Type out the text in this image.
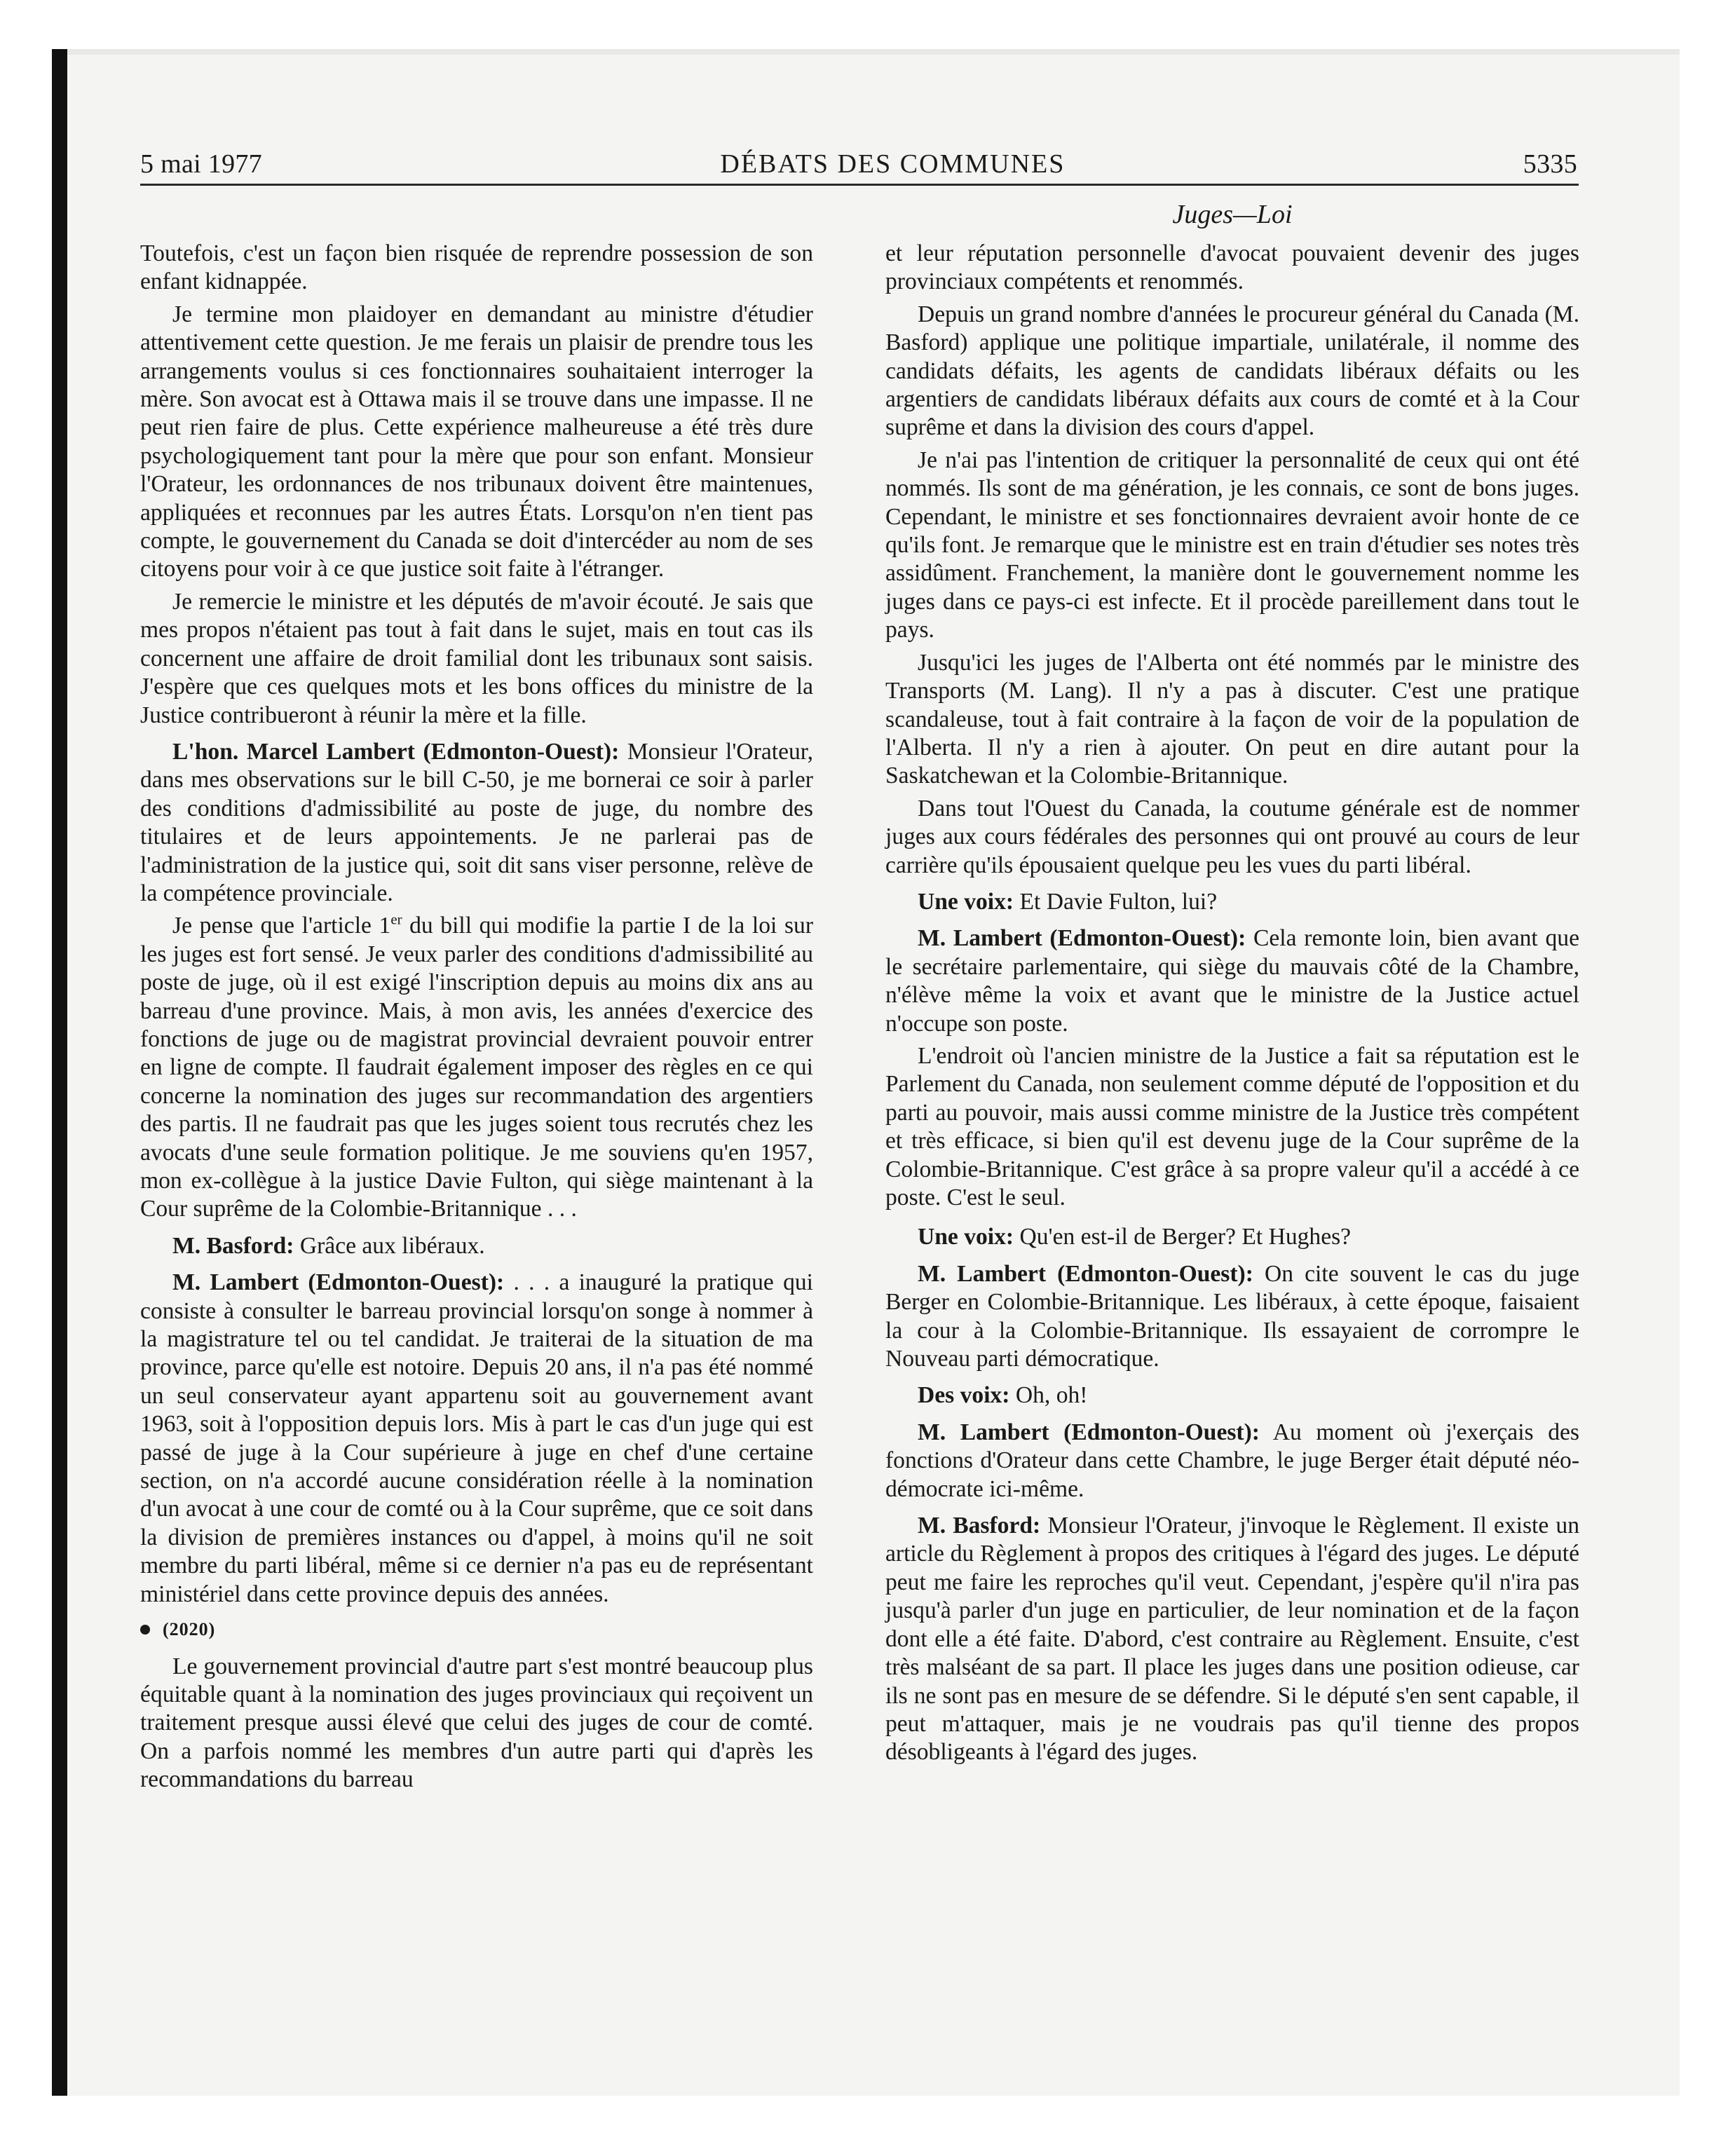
5 mai 1977	DÉBATS DES COMMUNES	5335
Juges—Loi

Toutefois, c'est un façon bien risquée de reprendre possession de son enfant kidnappée.

Je termine mon plaidoyer en demandant au ministre d'étudier attentivement cette question. Je me ferais un plaisir de prendre tous les arrangements voulus si ces fonctionnaires souhaitaient interroger la mère. Son avocat est à Ottawa mais il se trouve dans une impasse. Il ne peut rien faire de plus. Cette expérience malheureuse a été très dure psychologiquement tant pour la mère que pour son enfant. Monsieur l'Orateur, les ordonnances de nos tribunaux doivent être maintenues, appliquées et reconnues par les autres États. Lorsqu'on n'en tient pas compte, le gouvernement du Canada se doit d'intercéder au nom de ses citoyens pour voir à ce que justice soit faite à l'étranger.

Je remercie le ministre et les députés de m'avoir écouté. Je sais que mes propos n'étaient pas tout à fait dans le sujet, mais en tout cas ils concernent une affaire de droit familial dont les tribunaux sont saisis. J'espère que ces quelques mots et les bons offices du ministre de la Justice contribueront à réunir la mère et la fille.

L'hon. Marcel Lambert (Edmonton-Ouest): Monsieur l'Orateur, dans mes observations sur le bill C-50, je me bornerai ce soir à parler des conditions d'admissibilité au poste de juge, du nombre des titulaires et de leurs appointements. Je ne parlerai pas de l'administration de la justice qui, soit dit sans viser personne, relève de la compétence provinciale.

Je pense que l'article 1er du bill qui modifie la partie I de la loi sur les juges est fort sensé. Je veux parler des conditions d'admissibilité au poste de juge, où il est exigé l'inscription depuis au moins dix ans au barreau d'une province. Mais, à mon avis, les années d'exercice des fonctions de juge ou de magistrat provincial devraient pouvoir entrer en ligne de compte. Il faudrait également imposer des règles en ce qui concerne la nomination des juges sur recommandation des argentiers des partis. Il ne faudrait pas que les juges soient tous recrutés chez les avocats d'une seule formation politique. Je me souviens qu'en 1957, mon ex-collègue à la justice Davie Fulton, qui siège maintenant à la Cour suprême de la Colombie-Britannique . . .

M. Basford: Grâce aux libéraux.

M. Lambert (Edmonton-Ouest): . . . a inauguré la pratique qui consiste à consulter le barreau provincial lorsqu'on songe à nommer à la magistrature tel ou tel candidat. Je traiterai de la situation de ma province, parce qu'elle est notoire. Depuis 20 ans, il n'a pas été nommé un seul conservateur ayant appartenu soit au gouvernement avant 1963, soit à l'opposition depuis lors. Mis à part le cas d'un juge qui est passé de juge à la Cour supérieure à juge en chef d'une certaine section, on n'a accordé aucune considération réelle à la nomination d'un avocat à une cour de comté ou à la Cour suprême, que ce soit dans la division de premières instances ou d'appel, à moins qu'il ne soit membre du parti libéral, même si ce dernier n'a pas eu de représentant ministériel dans cette province depuis des années.

(2020)

Le gouvernement provincial d'autre part s'est montré beaucoup plus équitable quant à la nomination des juges provinciaux qui reçoivent un traitement presque aussi élevé que celui des juges de cour de comté. On a parfois nommé les membres d'un autre parti qui d'après les recommandations du barreau

et leur réputation personnelle d'avocat pouvaient devenir des juges provinciaux compétents et renommés.

Depuis un grand nombre d'années le procureur général du Canada (M. Basford) applique une politique impartiale, unilatérale, il nomme des candidats défaits, les agents de candidats libéraux défaits ou les argentiers de candidats libéraux défaits aux cours de comté et à la Cour suprême et dans la division des cours d'appel.

Je n'ai pas l'intention de critiquer la personnalité de ceux qui ont été nommés. Ils sont de ma génération, je les connais, ce sont de bons juges. Cependant, le ministre et ses fonctionnaires devraient avoir honte de ce qu'ils font. Je remarque que le ministre est en train d'étudier ses notes très assidûment. Franchement, la manière dont le gouvernement nomme les juges dans ce pays-ci est infecte. Et il procède pareillement dans tout le pays.

Jusqu'ici les juges de l'Alberta ont été nommés par le ministre des Transports (M. Lang). Il n'y a pas à discuter. C'est une pratique scandaleuse, tout à fait contraire à la façon de voir de la population de l'Alberta. Il n'y a rien à ajouter. On peut en dire autant pour la Saskatchewan et la Colombie-Britannique.

Dans tout l'Ouest du Canada, la coutume générale est de nommer juges aux cours fédérales des personnes qui ont prouvé au cours de leur carrière qu'ils épousaient quelque peu les vues du parti libéral.

Une voix: Et Davie Fulton, lui?

M. Lambert (Edmonton-Ouest): Cela remonte loin, bien avant que le secrétaire parlementaire, qui siège du mauvais côté de la Chambre, n'élève même la voix et avant que le ministre de la Justice actuel n'occupe son poste.

L'endroit où l'ancien ministre de la Justice a fait sa réputation est le Parlement du Canada, non seulement comme député de l'opposition et du parti au pouvoir, mais aussi comme ministre de la Justice très compétent et très efficace, si bien qu'il est devenu juge de la Cour suprême de la Colombie-Britannique. C'est grâce à sa propre valeur qu'il a accédé à ce poste. C'est le seul.

Une voix: Qu'en est-il de Berger? Et Hughes?

M. Lambert (Edmonton-Ouest): On cite souvent le cas du juge Berger en Colombie-Britannique. Les libéraux, à cette époque, faisaient la cour à la Colombie-Britannique. Ils essayaient de corrompre le Nouveau parti démocratique.

Des voix: Oh, oh!

M. Lambert (Edmonton-Ouest): Au moment où j'exerçais des fonctions d'Orateur dans cette Chambre, le juge Berger était député néo-démocrate ici-même.

M. Basford: Monsieur l'Orateur, j'invoque le Règlement. Il existe un article du Règlement à propos des critiques à l'égard des juges. Le député peut me faire les reproches qu'il veut. Cependant, j'espère qu'il n'ira pas jusqu'à parler d'un juge en particulier, de leur nomination et de la façon dont elle a été faite. D'abord, c'est contraire au Règlement. Ensuite, c'est très malséant de sa part. Il place les juges dans une position odieuse, car ils ne sont pas en mesure de se défendre. Si le député s'en sent capable, il peut m'attaquer, mais je ne voudrais pas qu'il tienne des propos désobligeants à l'égard des juges.
